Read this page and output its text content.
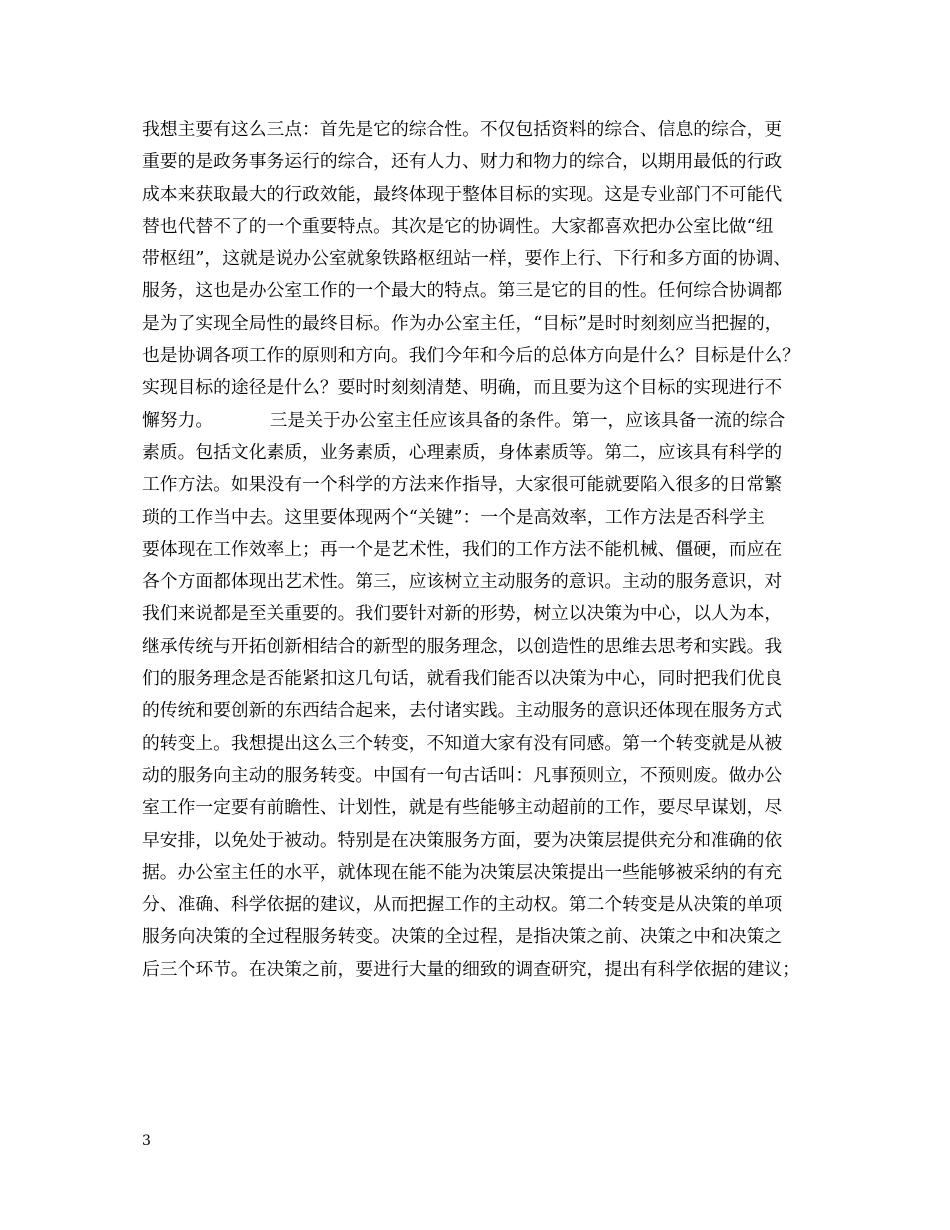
我想主要有这么三点：首先是它的综合性。不仅包括资料的综合、信息的综合，更
重要的是政务事务运行的综合，还有人力、财力和物力的综合，以期用最低的行政
成本来获取最大的行政效能，最终体现于整体目标的实现。这是专业部门不可能代
替也代替不了的一个重要特点。其次是它的协调性。大家都喜欢把办公室比做“纽
带枢纽”，这就是说办公室就象铁路枢纽站一样，要作上行、下行和多方面的协调、
服务，这也是办公室工作的一个最大的特点。第三是它的目的性。任何综合协调都
是为了实现全局性的最终目标。作为办公室主任，“目标”是时时刻刻应当把握的，
也是协调各项工作的原则和方向。我们今年和今后的总体方向是什么？目标是什么？
实现目标的途径是什么？要时时刻刻清楚、明确，而且要为这个目标的实现进行不
懈努力。          三是关于办公室主任应该具备的条件。第一，应该具备一流的综合
素质。包括文化素质，业务素质，心理素质，身体素质等。第二，应该具有科学的
工作方法。如果没有一个科学的方法来作指导，大家很可能就要陷入很多的日常繁
琐的工作当中去。这里要体现两个“关键”：一个是高效率，工作方法是否科学主
要体现在工作效率上；再一个是艺术性，我们的工作方法不能机械、僵硬，而应在
各个方面都体现出艺术性。第三，应该树立主动服务的意识。主动的服务意识，对
我们来说都是至关重要的。我们要针对新的形势，树立以决策为中心，以人为本，
继承传统与开拓创新相结合的新型的服务理念，以创造性的思维去思考和实践。我
们的服务理念是否能紧扣这几句话，就看我们能否以决策为中心，同时把我们优良
的传统和要创新的东西结合起来，去付诸实践。主动服务的意识还体现在服务方式
的转变上。我想提出这么三个转变，不知道大家有没有同感。第一个转变就是从被
动的服务向主动的服务转变。中国有一句古话叫：凡事预则立，不预则废。做办公
室工作一定要有前瞻性、计划性，就是有些能够主动超前的工作，要尽早谋划，尽
早安排，以免处于被动。特别是在决策服务方面，要为决策层提供充分和准确的依
据。办公室主任的水平，就体现在能不能为决策层决策提出一些能够被采纳的有充
分、准确、科学依据的建议，从而把握工作的主动权。第二个转变是从决策的单项
服务向决策的全过程服务转变。决策的全过程，是指决策之前、决策之中和决策之
后三个环节。在决策之前，要进行大量的细致的调查研究，提出有科学依据的建议；
3
